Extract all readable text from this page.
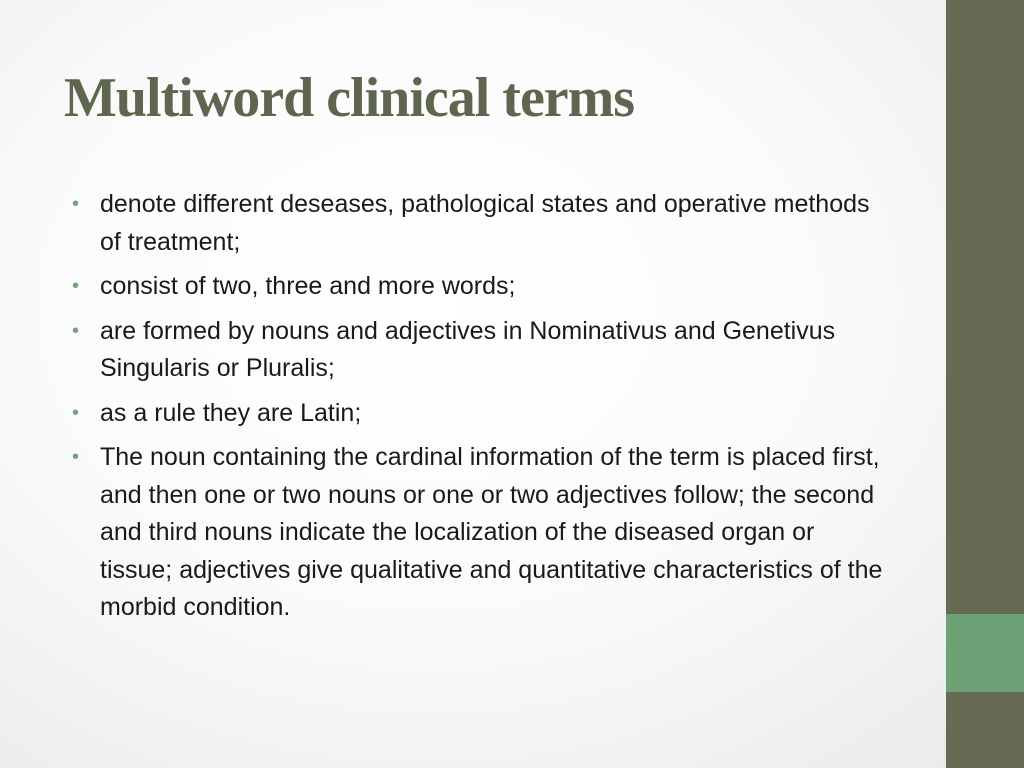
Multiword clinical terms
• denote different deseases, pathological states and operative methods of treatment;
• consist of two, three and more words;
• are formed by nouns and adjectives in Nominativus and Genetivus Singularis or Pluralis;
• as a rule they are Latin;
• The noun containing the cardinal information of the term is placed first, and then one or two nouns or one or two adjectives follow; the second and third nouns indicate the localization of the diseased organ or tissue; adjectives give qualitative and quantitative characteristics of the morbid condition.
